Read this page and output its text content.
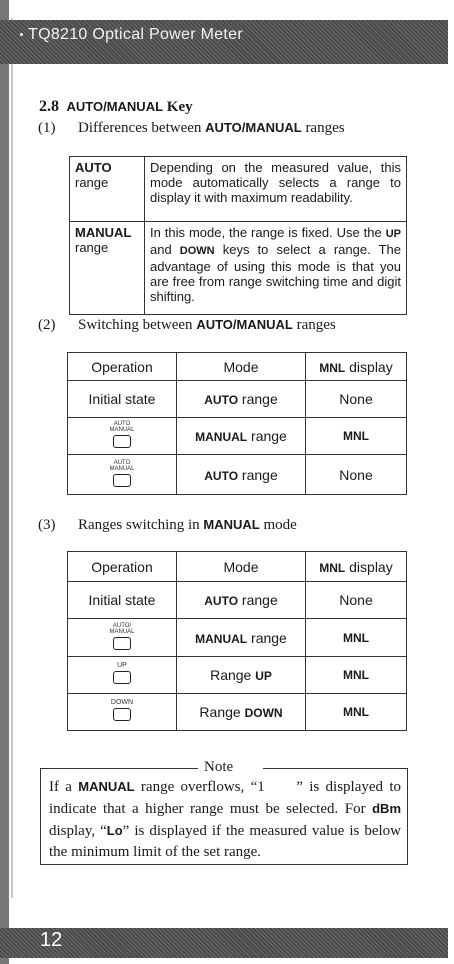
TQ8210 Optical Power Meter
2.8 AUTO/MANUAL Key
(1) Differences between AUTO/MANUAL ranges
AUTO
range	Depending on the measured value, this mode automatically selects a range to display it with maximum readability.
MANUAL
range	In this mode, the range is fixed. Use the UP and DOWN keys to select a range. The advantage of using this mode is that you are free from range switching time and digit shifting.
(2) Switching between AUTO/MANUAL ranges
Operation	Mode	MNL display
Initial state	AUTO range	None

AUTO
MANUAL	MANUAL range	MNL

AUTO
MANUAL	AUTO range	None
(3) Ranges switching in MANUAL mode
Operation	Mode	MNL display
Initial state	AUTO range	None

AUTO/
MANUAL	MANUAL range	MNL

UP	Range UP	MNL

DOWN	Range DOWN	MNL
Note
If a MANUAL range overflows, “1 ” is displayed to indicate that a higher range must be selected. For dBm display, “Lo” is displayed if the measured value is below the minimum limit of the set range.
12
